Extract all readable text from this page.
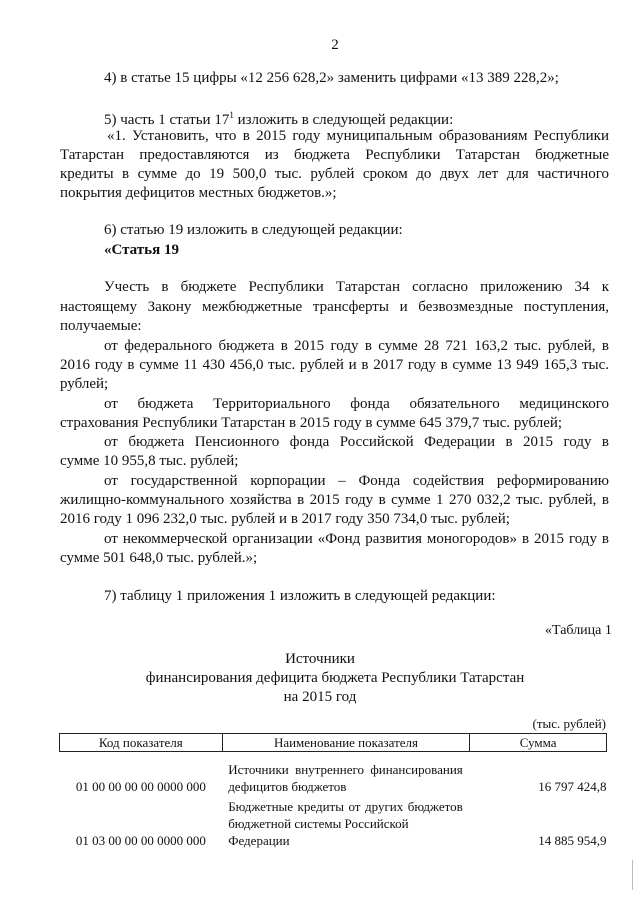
2
4) в статье 15 цифры «12 256 628,2» заменить цифрами «13 389 228,2»;
5) часть 1 статьи $17^1$ изложить в следующей редакции:
«1. Установить, что в 2015 году муниципальным образованиям Республики
Татарстан предоставляются из бюджета Республики Татарстан бюджетные
кредиты в сумме до 19 500,0 тыс. рублей сроком до двух лет для частичного
покрытия дефицитов местных бюджетов.»;
6) статью 19 изложить в следующей редакции:
«Статья 19
Учесть в бюджете Республики Татарстан согласно приложению 34 к
настоящему Закону межбюджетные трансферты и безвозмездные поступления,
получаемые:
от федерального бюджета в 2015 году в сумме 28 721 163,2 тыс. рублей, в
2016 году в сумме 11 430 456,0 тыс. рублей и в 2017 году в сумме 13 949 165,3 тыс.
рублей;
от бюджета Территориального фонда обязательного медицинского
страхования Республики Татарстан в 2015 году в сумме 645 379,7 тыс. рублей;
от бюджета Пенсионного фонда Российской Федерации в 2015 году в
сумме 10 955,8 тыс. рублей;
от государственной корпорации – Фонда содействия реформированию
жилищно-коммунального хозяйства в 2015 году в сумме 1 270 032,2 тыс. рублей, в
2016 году 1 096 232,0 тыс. рублей и в 2017 году 350 734,0 тыс. рублей;
от некоммерческой организации «Фонд развития моногородов» в 2015 году в
сумме 501 648,0 тыс. рублей.»;
7) таблицу 1 приложения 1 изложить в следующей редакции:
«Таблица 1
Источники
финансирования дефицита бюджета Республики Татарстан
на 2015 год
(тыс. рублей)
Код показателя	Наименование показателя	Сумма
01 00 00 00 00 0000 000	Источники внутреннего финансирования
дефицитов бюджетов	16 797 424,8
01 03 00 00 00 0000 000	Бюджетные кредиты от других бюджетов
бюджетной системы Российской Федерации	14 885 954,9
